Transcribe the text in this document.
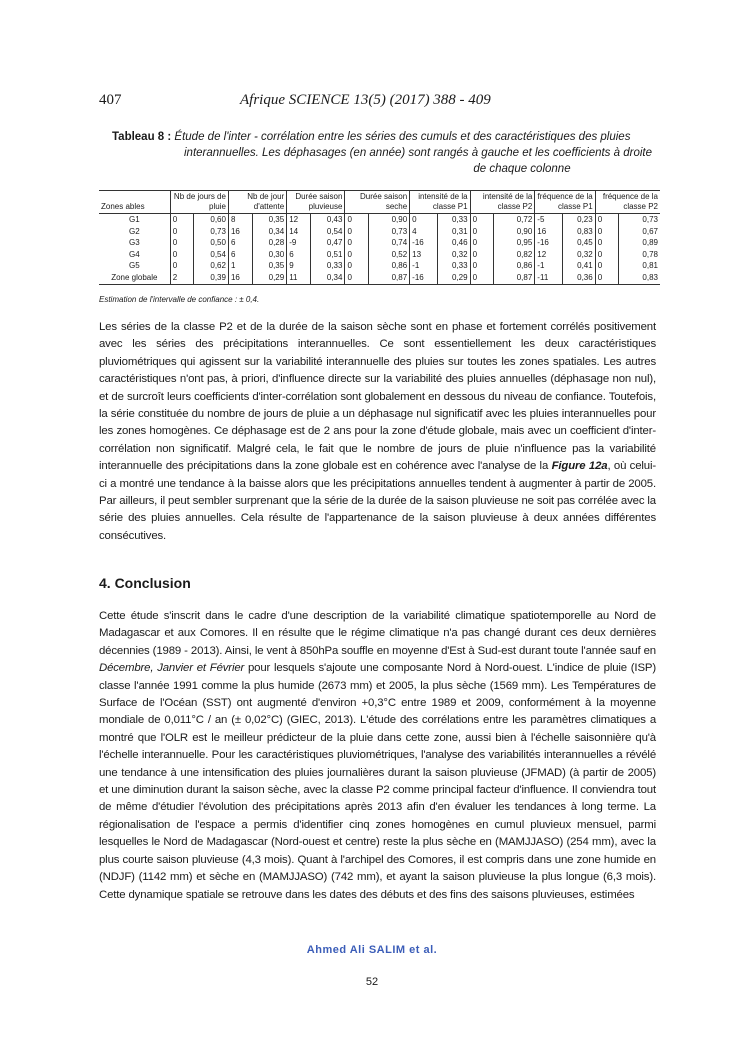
407	Afrique SCIENCE 13(5) (2017) 388 - 409
Tableau 8 : Étude de l'inter - corrélation entre les séries des cumuls et des caractéristiques des pluies
interannuelles. Les déphasages (en année) sont rangés à gauche et les coefficients à droite
de chaque colonne
Zones ables	Nb de jours de pluie		Nb de jour d'attente		Durée saison pluvieuse		Durée saison seche		intensité de la classe P1		intensité de la classe P2		fréquence de la classe P1		fréquence de la classe P2	
G1	0	0,60	8	0,35	12	0,43	0	0,90	0	0,33	0	0,72	-5	0,23	0	0,73
G2	0	0,73	16	0,34	14	0,54	0	0,73	4	0,31	0	0,90	16	0,83	0	0,67
G3	0	0,50	6	0,28	-9	0,47	0	0,74	-16	0,46	0	0,95	-16	0,45	0	0,89
G4	0	0,54	6	0,30	6	0,51	0	0,52	13	0,32	0	0,82	12	0,32	0	0,78
G5	0	0,62	1	0,35	9	0,33	0	0,86	-1	0,33	0	0,86	-1	0,41	0	0,81
Zone globale	2	0,39	16	0,29	11	0,34	0	0,87	-16	0,29	0	0,87	-11	0,36	0	0,83
Estimation de l'intervalle de confiance : ± 0,4.
Les séries de la classe P2 et de la durée de la saison sèche sont en phase et fortement corrélés positivement avec les séries des précipitations interannuelles. Ce sont essentiellement les deux caractéristiques pluviométriques qui agissent sur la variabilité interannuelle des pluies sur toutes les zones spatiales. Les autres caractéristiques n'ont pas, à priori, d'influence directe sur la variabilité des pluies annuelles (déphasage non nul), et de surcroît leurs coefficients d'inter-corrélation sont globalement en dessous du niveau de confiance. Toutefois, la série constituée du nombre de jours de pluie a un déphasage nul significatif avec les pluies interannuelles pour les zones homogènes. Ce déphasage est de 2 ans pour la zone d'étude globale, mais avec un coefficient d'inter-corrélation non significatif. Malgré cela, le fait que le nombre de jours de pluie n'influence pas la variabilité interannuelle des précipitations dans la zone globale est en cohérence avec l'analyse de la Figure 12a, où celui-ci a montré une tendance à la baisse alors que les précipitations annuelles tendent à augmenter à partir de 2005. Par ailleurs, il peut sembler surprenant que la série de la durée de la saison pluvieuse ne soit pas corrélée avec la série des pluies annuelles. Cela résulte de l'appartenance de la saison pluvieuse à deux années différentes consécutives.
4. Conclusion
Cette étude s'inscrit dans le cadre d'une description de la variabilité climatique spatiotemporelle au Nord de Madagascar et aux Comores. Il en résulte que le régime climatique n'a pas changé durant ces deux dernières décennies (1989 - 2013). Ainsi, le vent à 850hPa souffle en moyenne d'Est à Sud-est durant toute l'année sauf en Décembre, Janvier et Février pour lesquels s'ajoute une composante Nord à Nord-ouest. L'indice de pluie (ISP) classe l'année 1991 comme la plus humide (2673 mm) et 2005, la plus sèche (1569 mm). Les Températures de Surface de l'Océan (SST) ont augmenté d'environ +0,3°C entre 1989 et 2009, conformément à la moyenne mondiale de 0,011°C / an (± 0,02°C) (GIEC, 2013). L'étude des corrélations entre les paramètres climatiques a montré que l'OLR est le meilleur prédicteur de la pluie dans cette zone, aussi bien à l'échelle saisonnière qu'à l'échelle interannuelle. Pour les caractéristiques pluviométriques, l'analyse des variabilités interannuelles a révélé une tendance à une intensification des pluies journalières durant la saison pluvieuse (JFMAD) (à partir de 2005) et une diminution durant la saison sèche, avec la classe P2 comme principal facteur d'influence. Il conviendra tout de même d'étudier l'évolution des précipitations après 2013 afin d'en évaluer les tendances à long terme. La régionalisation de l'espace a permis d'identifier cinq zones homogènes en cumul pluvieux mensuel, parmi lesquelles le Nord de Madagascar (Nord-ouest et centre) reste la plus sèche en (MAMJJASO) (254 mm), avec la plus courte saison pluvieuse (4,3 mois). Quant à l'archipel des Comores, il est compris dans une zone humide en (NDJF) (1142 mm) et sèche en (MAMJJASO) (742 mm), et ayant la saison pluvieuse la plus longue (6,3 mois). Cette dynamique spatiale se retrouve dans les dates des débuts et des fins des saisons pluvieuses, estimées
Ahmed Ali SALIM et al.
52
